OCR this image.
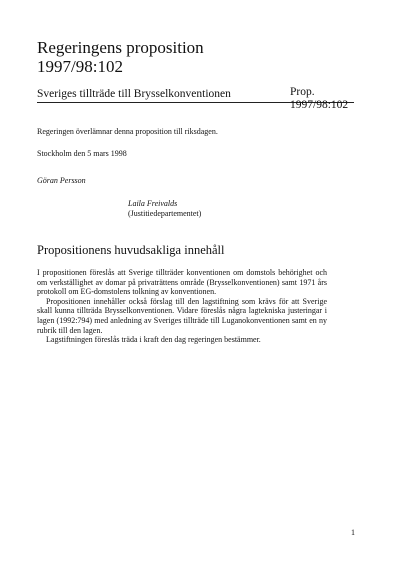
Regeringens proposition
1997/98:102
Sveriges tillträde till Brysselkonventionen	Prop.
1997/98:102
Regeringen överlämnar denna proposition till riksdagen.
Stockholm den 5 mars 1998
Göran Persson
Laila Freivalds
(Justitiedepartementet)
Propositionens huvudsakliga innehåll

I propositionen föreslås att Sverige tillträder konventionen om domstols behörighet och om verkställighet av domar på privaträttens område (Brysselkonventionen) samt 1971 års protokoll om EG-domstolens tolkning av konventionen.

Propositionen innehåller också förslag till den lagstiftning som krävs för att Sverige skall kunna tillträda Brysselkonventionen. Vidare föreslås några lagtekniska justeringar i lagen (1992:794) med anledning av Sveriges tillträde till Luganokonventionen samt en ny rubrik till den lagen.

Lagstiftningen föreslås träda i kraft den dag regeringen bestämmer.

1
